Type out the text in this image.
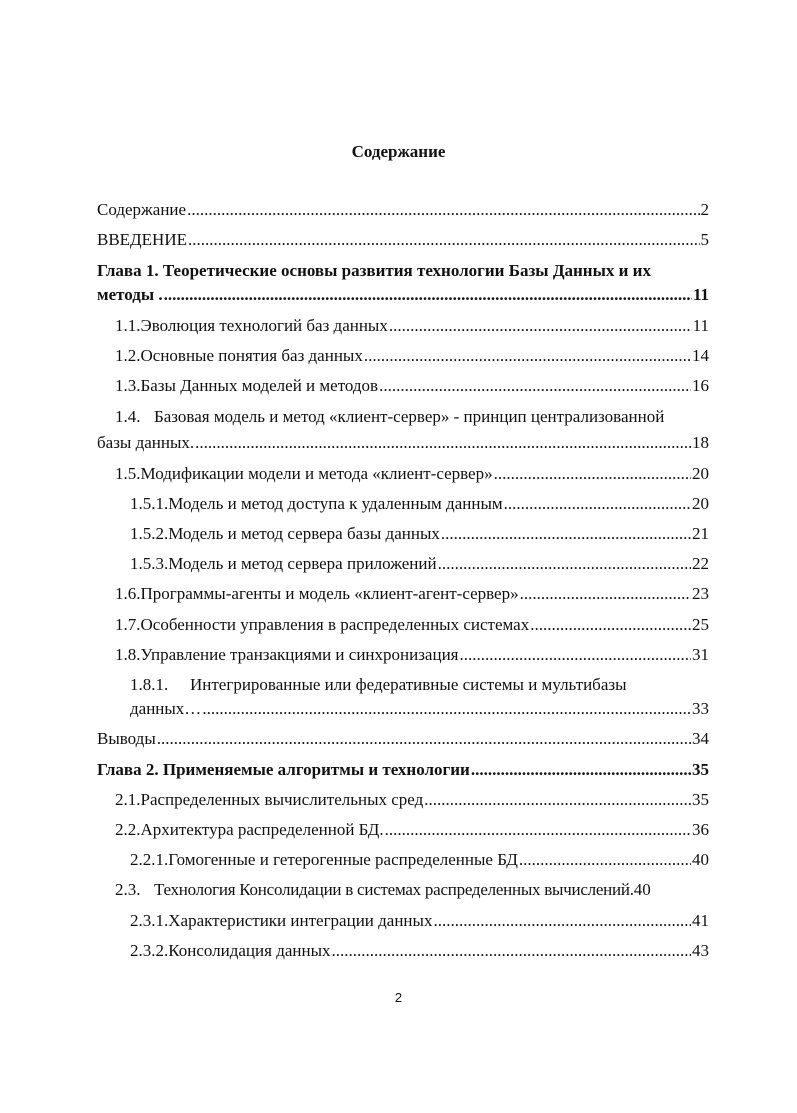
Содержание
Содержание .....	2
ВВЕДЕНИЕ .....	5
Глава 1. Теоретические основы развития технологии Базы Данных и их
методы . .....	11
1.1. Эволюция технологий баз данных .....	11
1.2. Основные понятия баз данных .....	14
1.3. Базы Данных моделей и методов .....	16
1.4. Базовая модель и метод «клиент-сервер» - принцип централизованной
базы данных. .....	18
1.5. Модификации модели и метода «клиент-сервер» .....	20
1.5.1. Модель и метод доступа к удаленным данным .....	20
1.5.2. Модель и метод сервера базы данных .....	21
1.5.3. Модель и метод сервера приложений .....	22
1.6. Программы-агенты и модель «клиент-агент-сервер» .....	23
1.7. Особенности управления в распределенных системах .....	25
1.8. Управление транзакциями и синхронизация .....	31
1.8.1. Интегрированные или федеративные системы и мультибазы
данных… .....	33
Выводы .....	34
Глава 2. Применяемые алгоритмы и технологии .....	35
2.1. Распределенных вычислительных сред .....	35
2.2. Архитектура распределенной БД. .....	36
2.2.1. Гомогенные и гетерогенные распределенные БД .....	40
2.3. Технология Консолидации в системах распределенных вычислений. 40
2.3.1. Характеристики интеграции данных .....	41
2.3.2. Консолидация данных .....	43
2
